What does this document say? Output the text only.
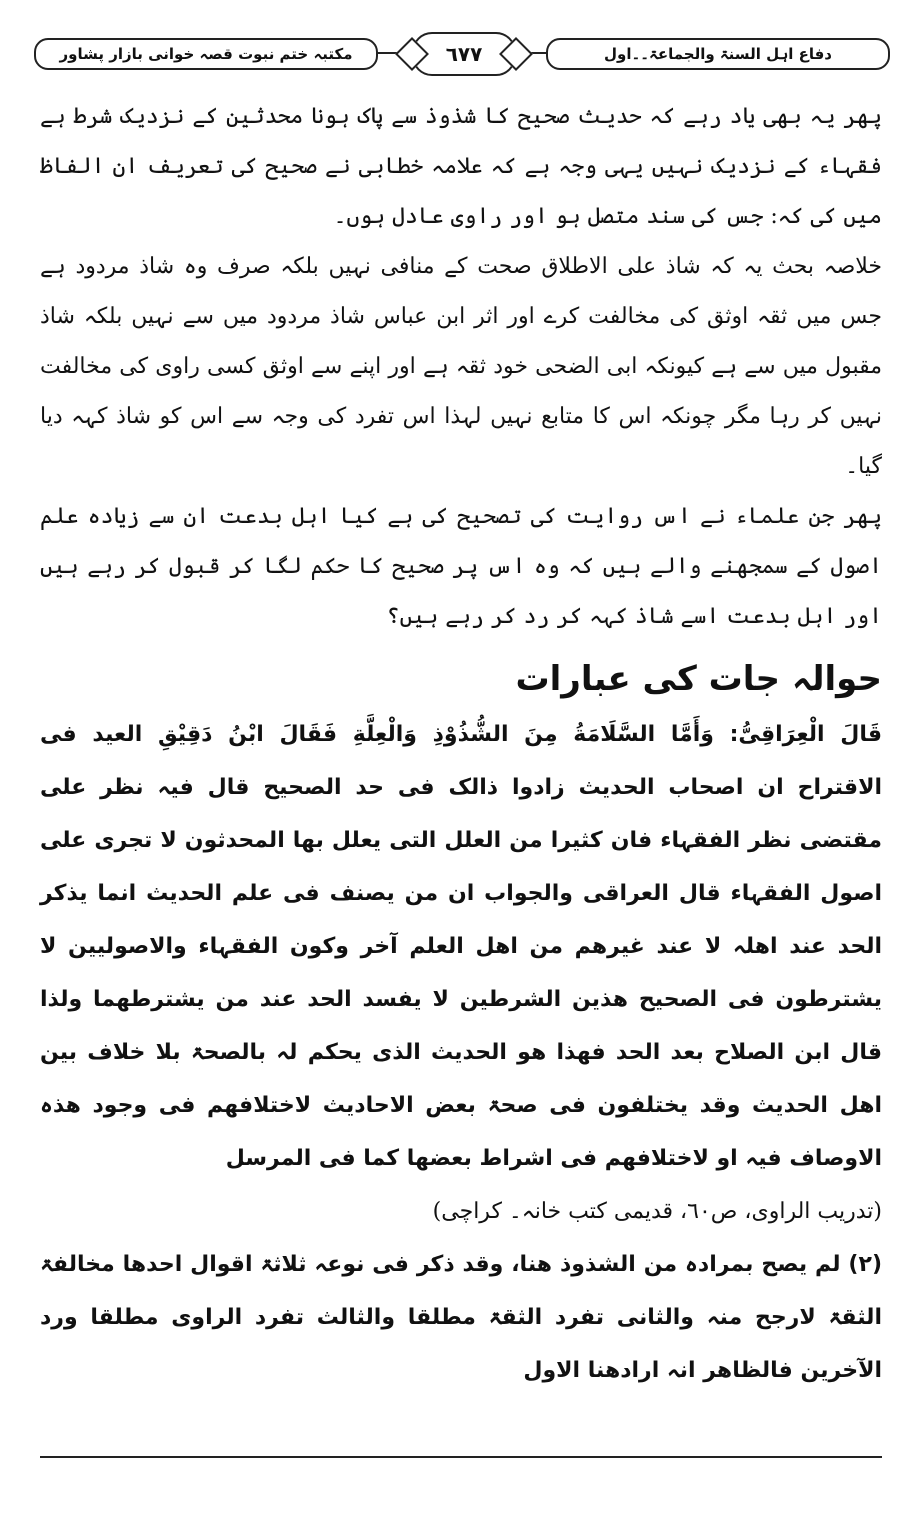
دفاع اہل السنۃ والجماعۃ۔۔اول
٦٧٧
مکتبہ ختم نبوت قصہ خوانی بازار پشاور

پھر یہ بھی یاد رہے کہ حدیث صحیح کا شذوذ سے پاک ہونا محدثین کے نزدیک شرط ہے فقہاء کے نزدیک نہیں یہی وجہ ہے کہ علامہ خطابی نے صحیح کی تعریف ان الفاظ میں کی کہ: جس کی سند متصل ہو اور راوی عادل ہوں۔

خلاصہ بحث یہ کہ شاذ علی الاطلاق صحت کے منافی نہیں بلکہ صرف وہ شاذ مردود ہے جس میں ثقہ اوثق کی مخالفت کرے اور اثر ابن عباس شاذ مردود میں سے نہیں بلکہ شاذ مقبول میں سے ہے کیونکہ ابی الضحی خود ثقہ ہے اور اپنے سے اوثق کسی راوی کی مخالفت نہیں کر رہا مگر چونکہ اس کا متابع نہیں لہذا اس تفرد کی وجہ سے اس کو شاذ کہہ دیا گیا۔

پھر جن علماء نے اس روایت کی تصحیح کی ہے کیا اہل بدعت ان سے زیادہ علم اصول کے سمجھنے والے ہیں کہ وہ اس پر صحیح کا حکم لگا کر قبول کر رہے ہیں اور اہل بدعت اسے شاذ کہہ کر رد کر رہے ہیں؟

حوالہ جات کی عبارات

قَالَ الْعِرَاقِیُّ: وَأَمَّا السَّلَامَةُ مِنَ الشُّذُوْذِ وَالْعِلَّةِ فَقَالَ ابْنُ دَقِیْقِ العید فی الاقتراح ان اصحاب الحدیث زادوا ذالک فی حد الصحیح قال فیہ نظر علی مقتضی نظر الفقہاء فان کثیرا من العلل التی یعلل بھا المحدثون لا تجری علی اصول الفقہاء قال العراقی والجواب ان من یصنف فی علم الحدیث انما یذکر الحد عند اھلہ لا عند غیرھم من اھل العلم آخر وکون الفقہاء والاصولیین لا یشترطون فی الصحیح ھذین الشرطین لا یفسد الحد عند من یشترطھما ولذا قال ابن الصلاح بعد الحد فھذا ھو الحدیث الذی یحکم لہ بالصحۃ بلا خلاف بین اھل الحدیث وقد یختلفون فی صحۃ بعض الاحادیث لاختلافھم فی وجود ھذہ الاوصاف فیہ او لاختلافھم فی اشراط بعضھا کما فی المرسل

(تدریب الراوی، ص٦٠، قدیمی کتب خانہ۔ کراچی)

(٢) لم یصح بمرادہ من الشذوذ ھنا، وقد ذکر فی نوعہ ثلاثۃ اقوال احدھا مخالفۃ الثقۃ لارجح منہ والثانی تفرد الثقۃ مطلقا والثالث تفرد الراوی مطلقا ورد الآخرین فالظاھر انہ ارادھنا الاول
